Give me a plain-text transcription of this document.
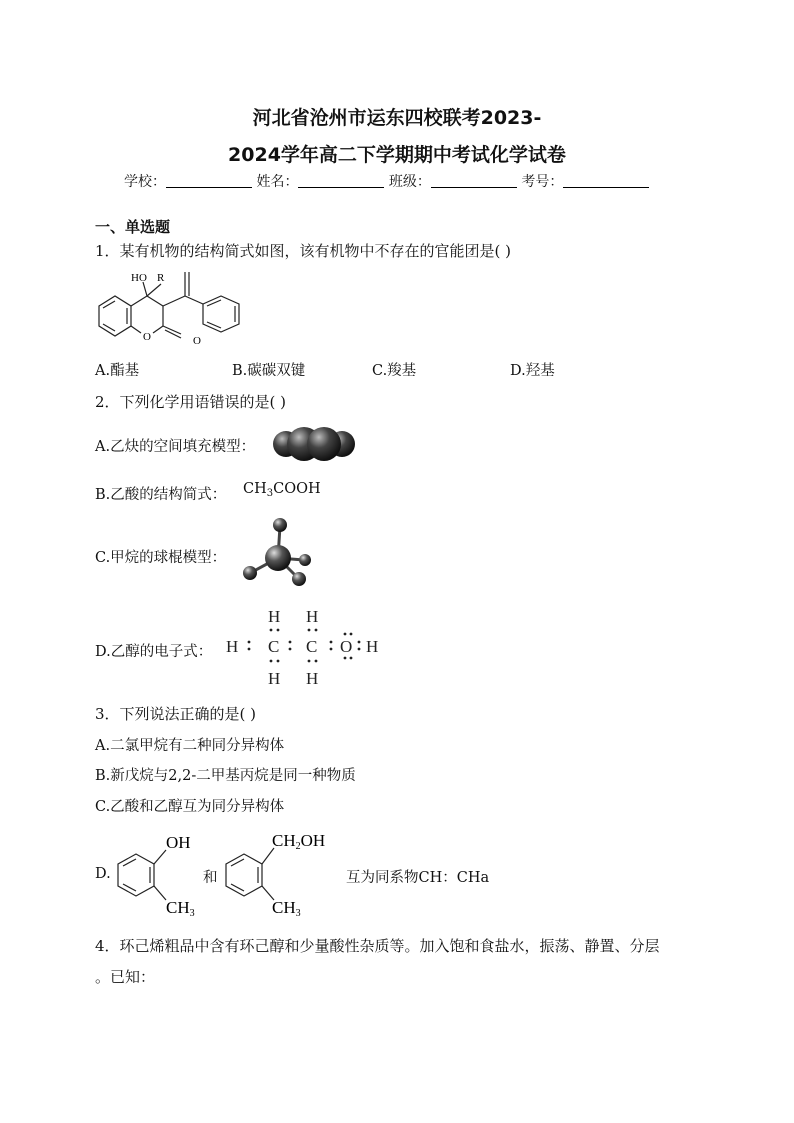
河北省沧州市运东四校联考2023-
2024学年高二下学期期中考试化学试卷
学校：	姓名：	班级：	考号：
一、单选题
1．某有机物的结构简式如图，该有机物中不存在的官能团是( )
HO R
O	O
A.酯基	B.碳碳双键	C.羧基	D.羟基
2．下列化学用语错误的是( )
A.乙炔的空间填充模型：
B.乙酸的结构简式： $CH_3COOH$
C.甲烷的球棍模型：
D.乙醇的电子式：
H H
H C C O H
H H
3．下列说法正确的是( )
A.二氯甲烷有二种同分异构体
B.新戊烷与2,2-二甲基丙烷是同一种物质
C.乙酸和乙醇互为同分异构体
D.
OH
CH3
和
CH2OH
CH3
互为同系物CH：CHa
4．环己烯粗品中含有环己醇和少量酸性杂质等。加入饱和食盐水，振荡、静置、分层
。已知：
